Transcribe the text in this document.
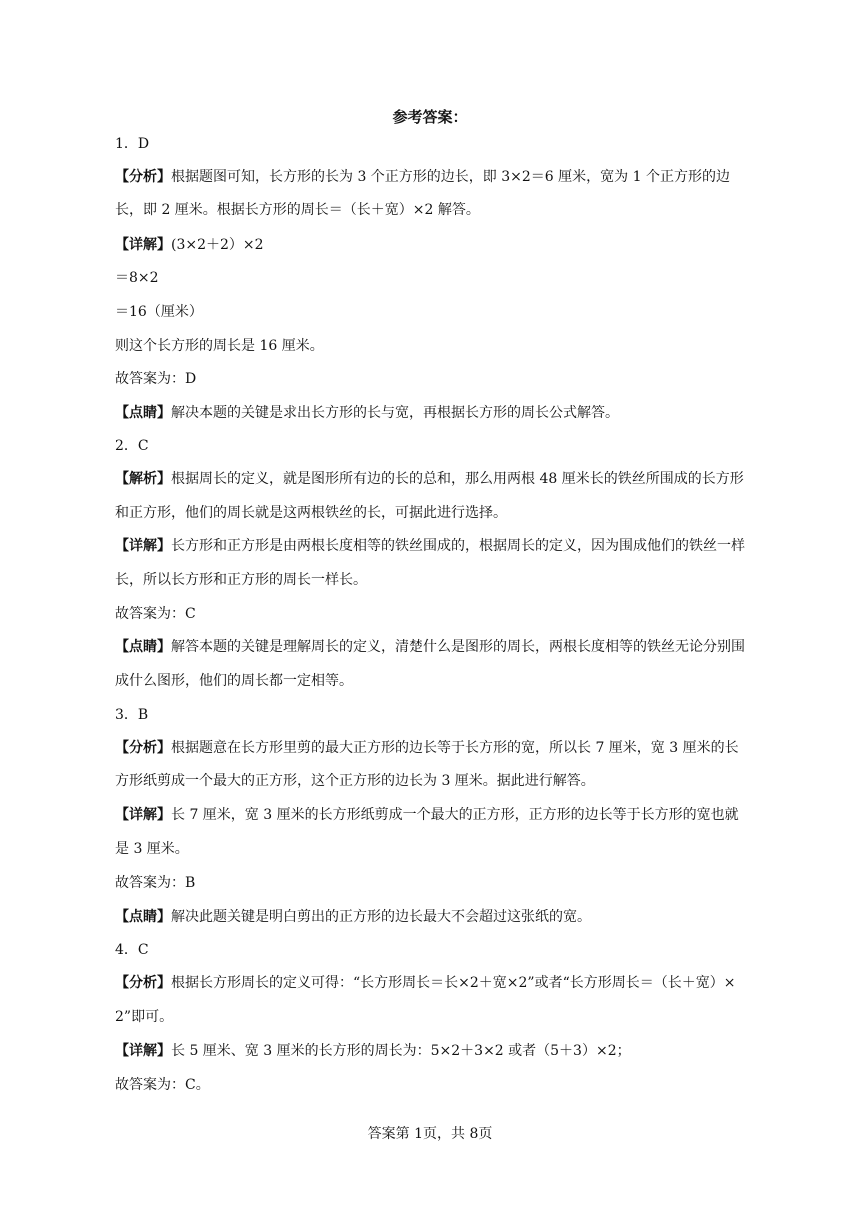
参考答案：
1．D
【分析】根据题图可知，长方形的长为 3 个正方形的边长，即 3×2＝6 厘米，宽为 1 个正方形的边长，即 2 厘米。根据长方形的周长＝（长＋宽）×2 解答。
【详解】(3×2＋2）×2
＝8×2
＝16（厘米）
则这个长方形的周长是 16 厘米。
故答案为：D
【点睛】解决本题的关键是求出长方形的长与宽，再根据长方形的周长公式解答。
2．C
【解析】根据周长的定义，就是图形所有边的长的总和，那么用两根 48 厘米长的铁丝所围成的长方形和正方形，他们的周长就是这两根铁丝的长，可据此进行选择。
【详解】长方形和正方形是由两根长度相等的铁丝围成的，根据周长的定义，因为围成他们的铁丝一样长，所以长方形和正方形的周长一样长。
故答案为：C
【点睛】解答本题的关键是理解周长的定义，清楚什么是图形的周长，两根长度相等的铁丝无论分别围成什么图形，他们的周长都一定相等。
3．B
【分析】根据题意在长方形里剪的最大正方形的边长等于长方形的宽，所以长 7 厘米，宽 3 厘米的长方形纸剪成一个最大的正方形，这个正方形的边长为 3 厘米。据此进行解答。
【详解】长 7 厘米，宽 3 厘米的长方形纸剪成一个最大的正方形，正方形的边长等于长方形的宽也就是 3 厘米。
故答案为：B
【点睛】解决此题关键是明白剪出的正方形的边长最大不会超过这张纸的宽。
4．C
【分析】根据长方形周长的定义可得：“长方形周长＝长×2＋宽×2”或者“长方形周长＝（长＋宽）×2”即可。
【详解】长 5 厘米、宽 3 厘米的长方形的周长为：5×2＋3×2 或者（5＋3）×2；
故答案为：C。
答案第 1页，共 8页
